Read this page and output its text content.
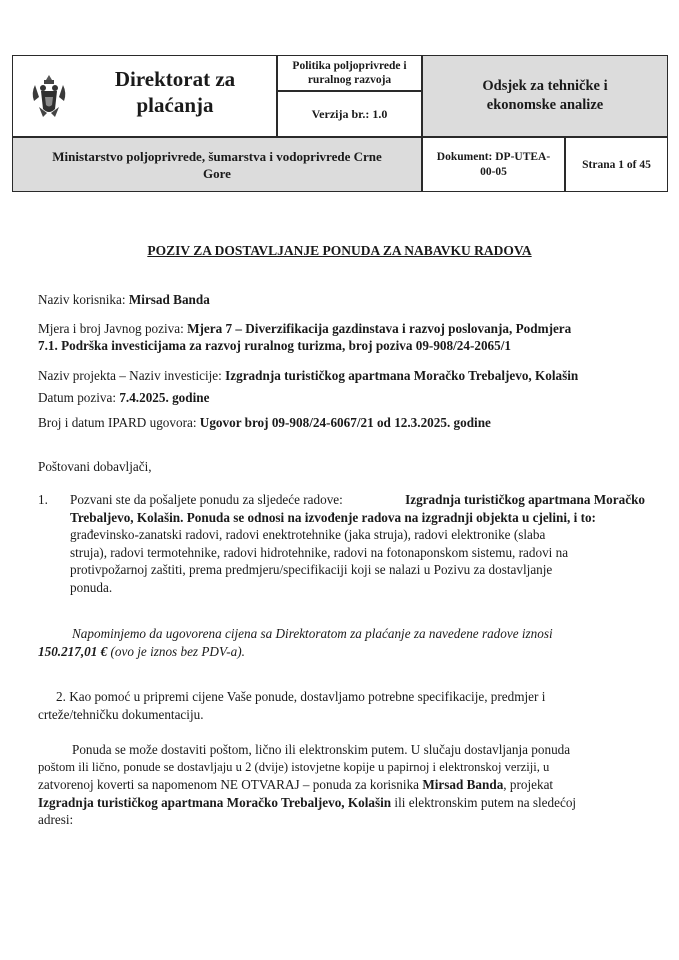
Direktorat za
plaćanja
Politika poljoprivrede i
ruralnog razvoja
Verzija br.: 1.0
Odsjek za tehničke i
ekonomske analize
Ministarstvo poljoprivrede, šumarstva i vodoprivrede Crne
Gore
Dokument: DP-UTEA-
00-05
Strana 1 of 45
POZIV ZA DOSTAVLJANJE PONUDA ZA NABAVKU RADOVA
Naziv korisnika: Mirsad Banda
Mjera i broj Javnog poziva: Mjera 7 – Diverzifikacija gazdinstava i razvoj poslovanja, Podmjera
7.1. Podrška investicijama za razvoj ruralnog turizma, broj poziva 09-908/24-2065/1
Naziv projekta – Naziv investicije: Izgradnja turističkog apartmana Moračko Trebaljevo, Kolašin
Datum poziva: 7.4.2025. godine
Broj i datum IPARD ugovora: Ugovor broj 09-908/24-6067/21 od 12.3.2025. godine
Poštovani dobavljači,
1. Pozvani ste da pošaljete ponudu za sljedeće radove:	Izgradnja turističkog apartmana Moračko
Trebaljevo, Kolašin. Ponuda se odnosi na izvođenje radova na izgradnji objekta u cjelini, i to:
građevinsko-zanatski radovi, radovi enektrotehnike (jaka struja), radovi elektronike (slaba
struja), radovi termotehnike, radovi hidrotehnike, radovi na fotonaponskom sistemu, radovi na
protivpožarnoj zaštiti, prema predmjeru/specifikaciji koji se nalazi u Pozivu za dostavljanje
ponuda.
Napominjemo da ugovorena cijena sa Direktoratom za plaćanje za navedene radove iznosi
150.217,01 € (ovo je iznos bez PDV-a).
2. Kao pomoć u pripremi cijene Vaše ponude, dostavljamo potrebne specifikacije, predmjer i
crteže/tehničku dokumentaciju.
Ponuda se može dostaviti poštom, lično ili elektronskim putem. U slučaju dostavljanja ponuda
poštom ili lično, ponude se dostavljaju u 2 (dvije) istovjetne kopije u papirnoj i elektronskoj verziji, u
zatvorenoj koverti sa napomenom NE OTVARAJ – ponuda za korisnika Mirsad Banda, projekat
Izgradnja turističkog apartmana Moračko Trebaljevo, Kolašin ili elektronskim putem na sledećoj
adresi:
